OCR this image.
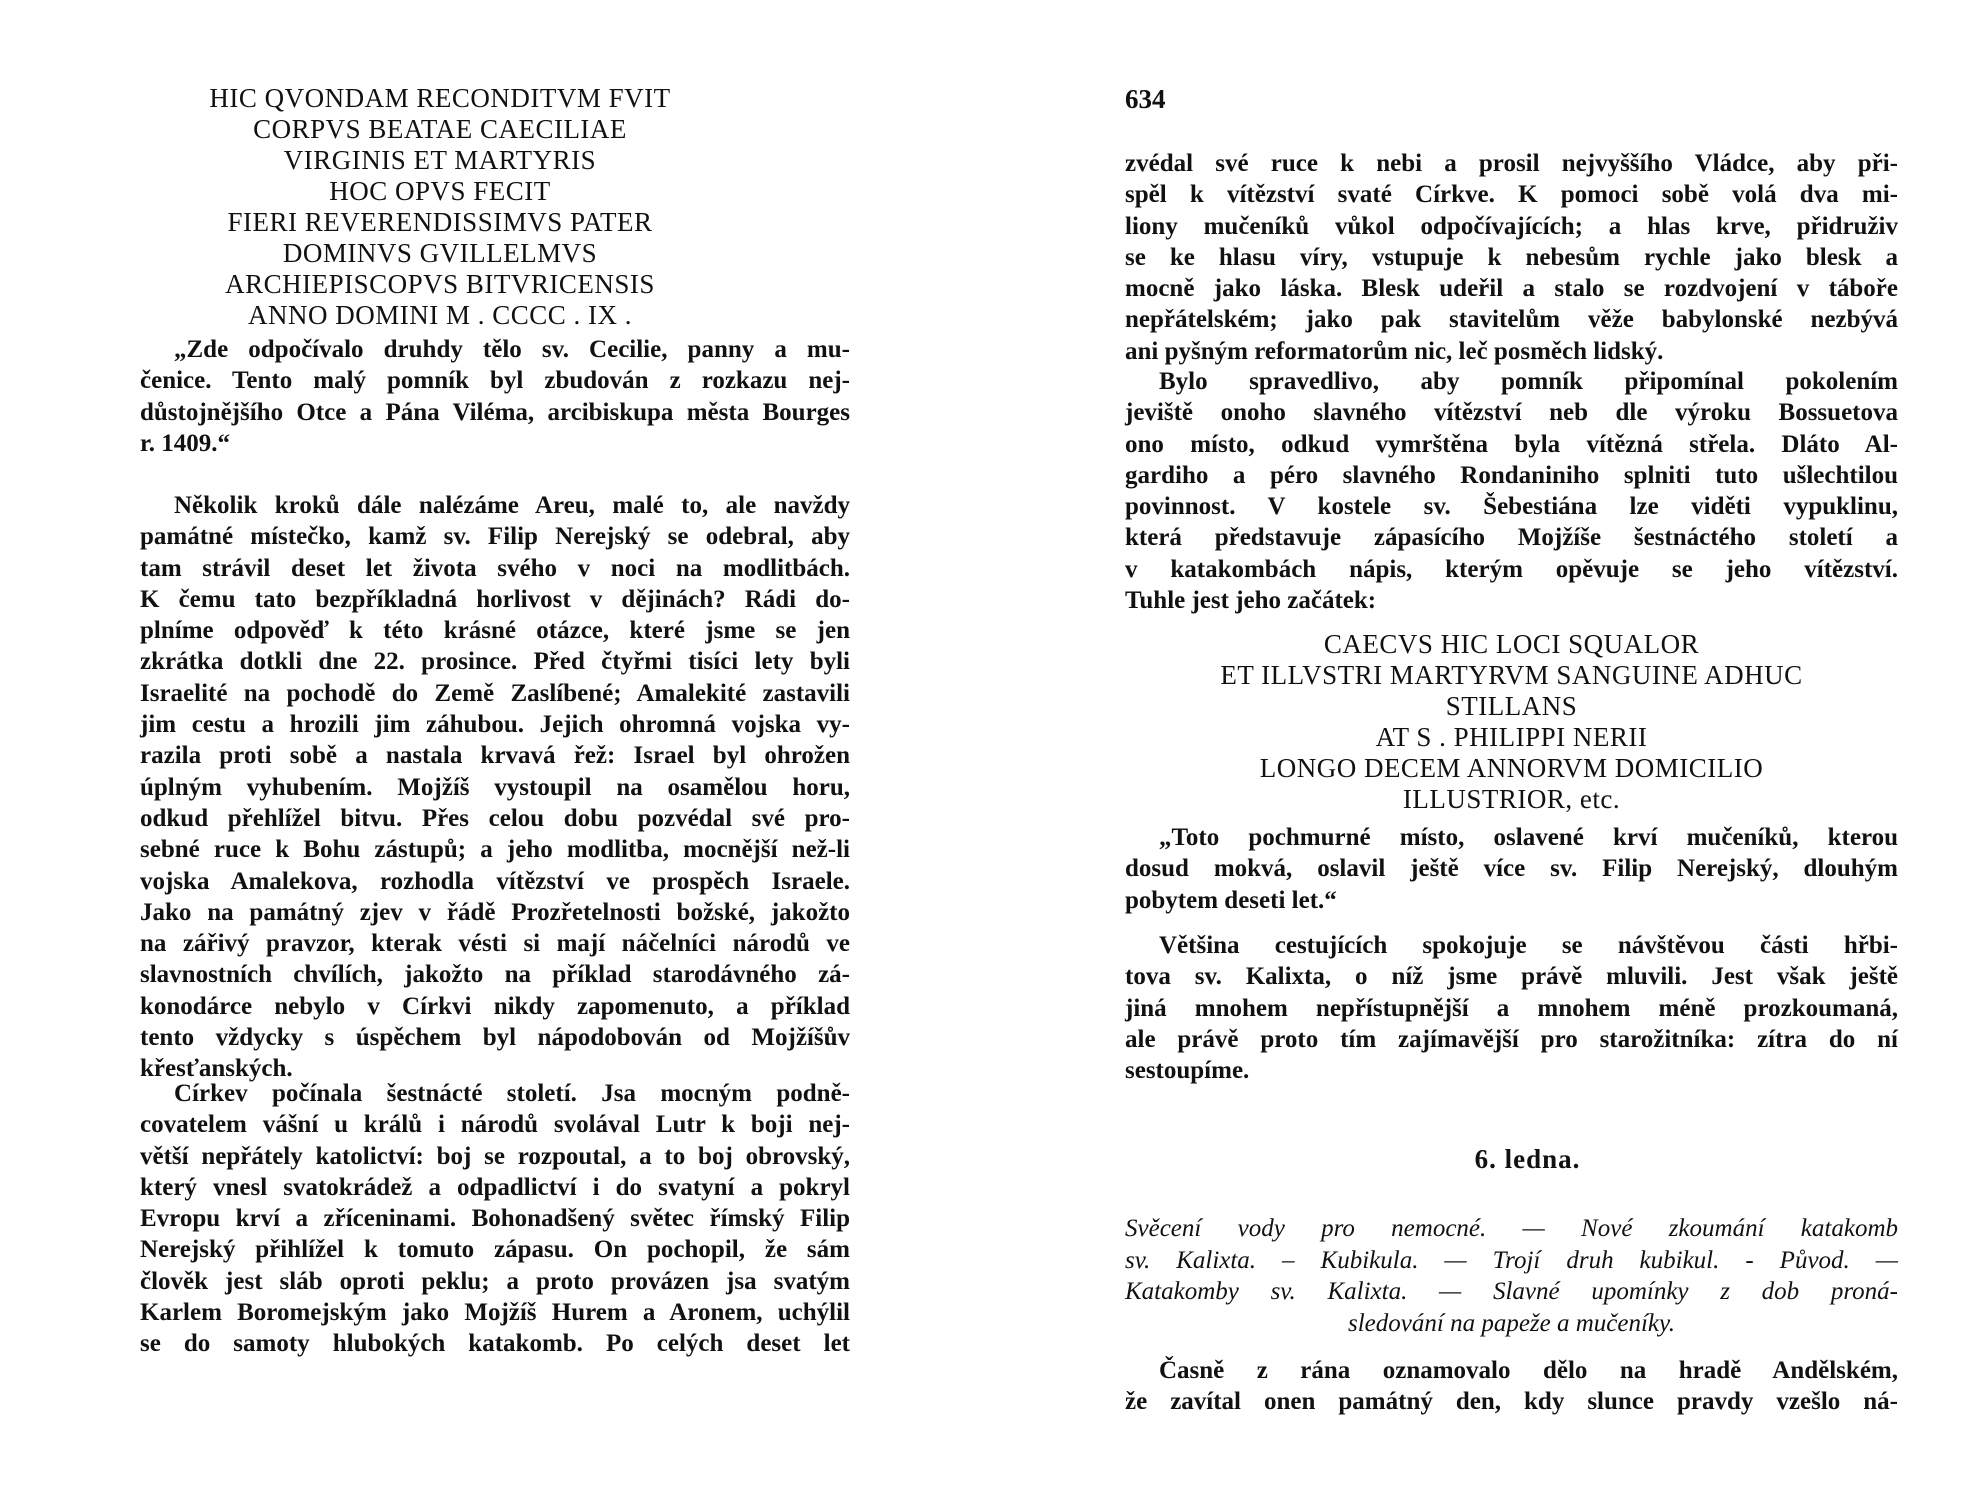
HIC QVONDAM RECONDITVM FVIT
CORPVS BEATAE CAECILIAE
VIRGINIS ET MARTYRIS
HOC OPVS FECIT
FIERI REVERENDISSIMVS PATER
DOMINVS GVILLELMVS
ARCHIEPISCOPVS BITVRICENSIS
ANNO DOMINI M . CCCC . IX .
„Zde odpočívalo druhdy tělo sv. Cecilie, panny a mu-
čenice. Tento malý pomník byl zbudován z rozkazu nej-
důstojnějšího Otce a Pána Viléma, arcibiskupa města Bourges
r. 1409.“
Několik kroků dále nalézáme Areu, malé to, ale navždy
památné místečko, kamž sv. Filip Nerejský se odebral, aby
tam strávil deset let života svého v noci na modlitbách.
K čemu tato bezpříkladná horlivost v dějinách? Rádi do-
plníme odpověď k této krásné otázce, které jsme se jen
zkrátka dotkli dne 22. prosince. Před čtyřmi tisíci lety byli
Israelité na pochodě do Země Zaslíbené; Amalekité zastavili
jim cestu a hrozili jim záhubou. Jejich ohromná vojska vy-
razila proti sobě a nastala krvavá řež: Israel byl ohrožen
úplným vyhubením. Mojžíš vystoupil na osamělou horu,
odkud přehlížel bitvu. Přes celou dobu pozvédal své pro-
sebné ruce k Bohu zástupů; a jeho modlitba, mocnější než-li
vojska Amalekova, rozhodla vítězství ve prospěch Israele.
Jako na památný zjev v řádě Prozřetelnosti božské, jakožto
na zářivý pravzor, kterak vésti si mají náčelníci národů ve
slavnostních chvílích, jakožto na příklad starodávného zá-
konodárce nebylo v Církvi nikdy zapomenuto, a příklad
tento vždycky s úspěchem byl nápodobován od Mojžíšův
křesťanských.
Církev počínala šestnácté století. Jsa mocným podně-
covatelem vášní u králů i národů svolával Lutr k boji nej-
větší nepřátely katolictví: boj se rozpoutal, a to boj obrovský,
který vnesl svatokrádež a odpadlictví i do svatyní a pokryl
Evropu krví a zříceninami. Bohonadšený světec římský Filip
Nerejský přihlížel k tomuto zápasu. On pochopil, že sám
člověk jest sláb oproti peklu; a proto provázen jsa svatým
Karlem Boromejským jako Mojžíš Hurem a Aronem, uchýlil
se do samoty hlubokých katakomb. Po celých deset let
634
zvédal své ruce k nebi a prosil nejvyššího Vládce, aby při-
spěl k vítězství svaté Církve. K pomoci sobě volá dva mi-
liony mučeníků vůkol odpočívajících; a hlas krve, přidruživ
se ke hlasu víry, vstupuje k nebesům rychle jako blesk a
mocně jako láska. Blesk udeřil a stalo se rozdvojení v táboře
nepřátelském; jako pak stavitelům věže babylonské nezbývá
ani pyšným reformatorům nic, leč posměch lidský.
Bylo spravedlivo, aby pomník připomínal pokolením
jeviště onoho slavného vítězství neb dle výroku Bossuetova
ono místo, odkud vymrštěna byla vítězná střela. Dláto Al-
gardiho a péro slavného Rondaniniho splniti tuto ušlechtilou
povinnost. V kostele sv. Šebestiána lze viděti vypuklinu,
která představuje zápasícího Mojžíše šestnáctého století a
v katakombách nápis, kterým opěvuje se jeho vítězství.
Tuhle jest jeho začátek:
CAECVS HIC LOCI SQUALOR
ET ILLVSTRI MARTYRVM SANGUINE ADHUC
STILLANS
AT S . PHILIPPI NERII
LONGO DECEM ANNORVM DOMICILIO
ILLUSTRIOR, etc.
„Toto pochmurné místo, oslavené krví mučeníků, kterou
dosud mokvá, oslavil ještě více sv. Filip Nerejský, dlouhým
pobytem deseti let.“
Většina cestujících spokojuje se návštěvou části hřbi-
tova sv. Kalixta, o níž jsme právě mluvili. Jest však ještě
jiná mnohem nepřístupnější a mnohem méně prozkoumaná,
ale právě proto tím zajímavější pro starožitníka: zítra do ní
sestoupíme.
6. ledna.
Svěcení vody pro nemocné. — Nové zkoumání katakomb
sv. Kalixta. – Kubikula. — Trojí druh kubikul. - Původ. —
Katakomby sv. Kalixta. — Slavné upomínky z dob proná-
sledování na papeže a mučeníky.
Časně z rána oznamovalo dělo na hradě Andělském,
že zavítal onen památný den, kdy slunce pravdy vzešlo ná-
